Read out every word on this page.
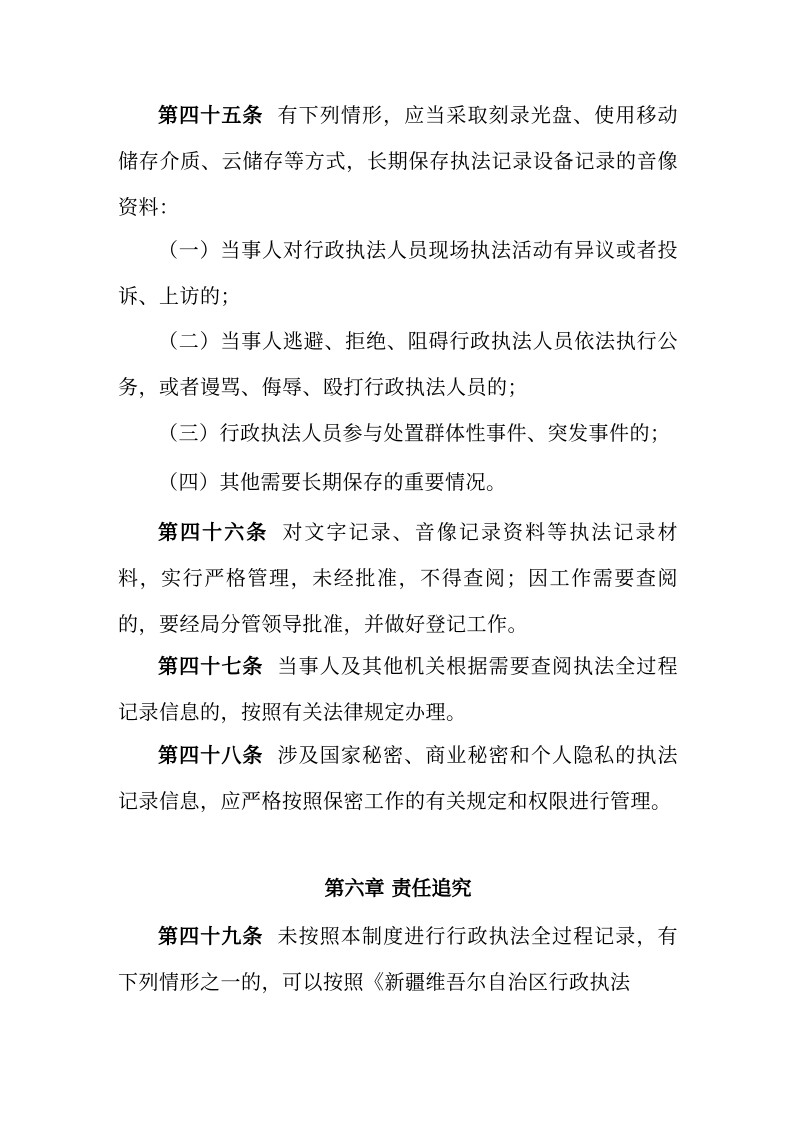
第四十五条 有下列情形，应当采取刻录光盘、使用移动储存介质、云储存等方式，长期保存执法记录设备记录的音像资料：

（一）当事人对行政执法人员现场执法活动有异议或者投诉、上访的；

（二）当事人逃避、拒绝、阻碍行政执法人员依法执行公务，或者谩骂、侮辱、殴打行政执法人员的；

（三）行政执法人员参与处置群体性事件、突发事件的；

（四）其他需要长期保存的重要情况。

第四十六条 对文字记录、音像记录资料等执法记录材料，实行严格管理，未经批准，不得查阅；因工作需要查阅的，要经局分管领导批准，并做好登记工作。

第四十七条 当事人及其他机关根据需要查阅执法全过程记录信息的，按照有关法律规定办理。

第四十八条 涉及国家秘密、商业秘密和个人隐私的执法记录信息，应严格按照保密工作的有关规定和权限进行管理。

第六章 责任追究

第四十九条 未按照本制度进行行政执法全过程记录，有下列情形之一的，可以按照《新疆维吾尔自治区行政执法
